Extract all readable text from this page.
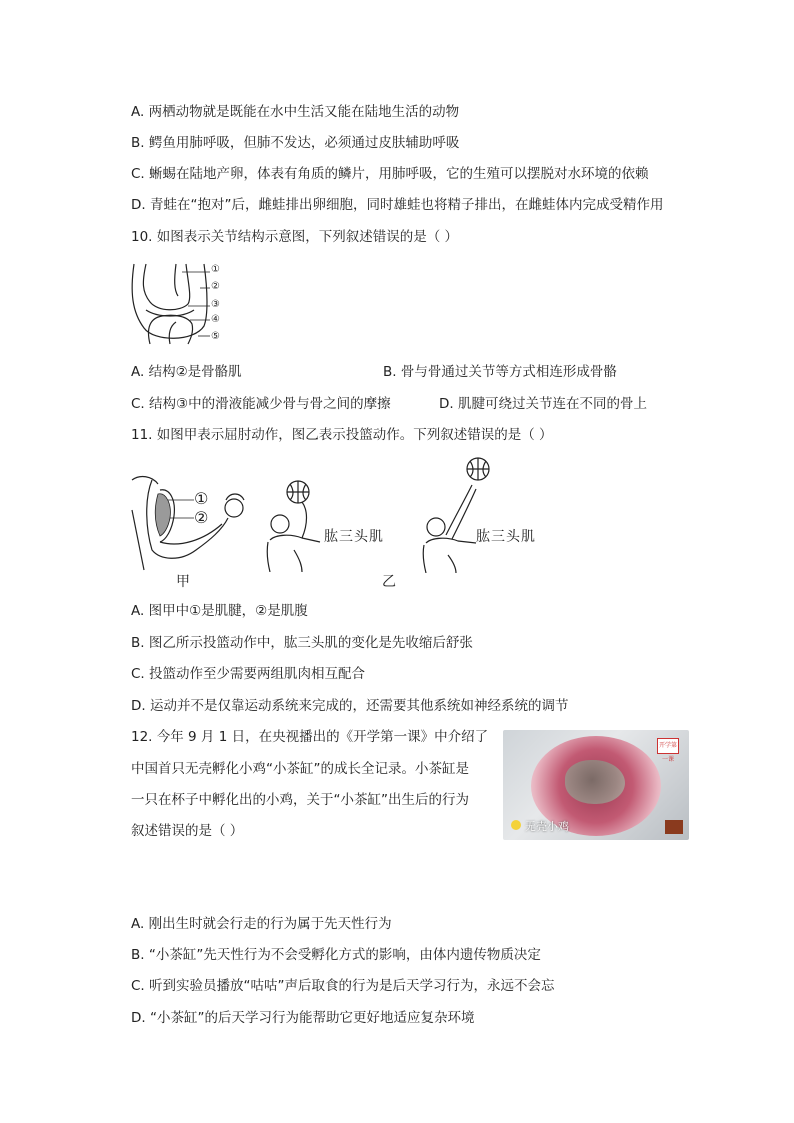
A. 两栖动物就是既能在水中生活又能在陆地生活的动物
B. 鳄鱼用肺呼吸，但肺不发达，必须通过皮肤辅助呼吸
C. 蜥蜴在陆地产卵，体表有角质的鳞片，用肺呼吸，它的生殖可以摆脱对水环境的依赖
D. 青蛙在“抱对”后，雌蛙排出卵细胞，同时雄蛙也将精子排出，在雌蛙体内完成受精作用
10. 如图表示关节结构示意图，下列叙述错误的是（ ）
①
②
③
④
⑤
A. 结构②是骨骼肌	B. 骨与骨通过关节等方式相连形成骨骼
C. 结构③中的滑液能减少骨与骨之间的摩擦	D. 肌腱可绕过关节连在不同的骨上
11. 如图甲表示屈肘动作，图乙表示投篮动作。下列叙述错误的是（ ）
①
②
甲
肱三头肌	肱三头肌
乙
A. 图甲中①是肌腱，②是肌腹
B. 图乙所示投篮动作中，肱三头肌的变化是先收缩后舒张
C. 投篮动作至少需要两组肌肉相互配合
D. 运动并不是仅靠运动系统来完成的，还需要其他系统如神经系统的调节
12. 今年 9 月 1 日，在央视播出的《开学第一课》中介绍了
中国首只无壳孵化小鸡“小茶缸”的成长全记录。小茶缸是
一只在杯子中孵化出的小鸡，关于“小茶缸”出生后的行为
叙述错误的是（ ）
开学第一课
无壳小鸡
A. 刚出生时就会行走的行为属于先天性行为
B. “小茶缸”先天性行为不会受孵化方式的影响，由体内遗传物质决定
C. 听到实验员播放“咕咕”声后取食的行为是后天学习行为，永远不会忘
D. “小茶缸”的后天学习行为能帮助它更好地适应复杂环境
